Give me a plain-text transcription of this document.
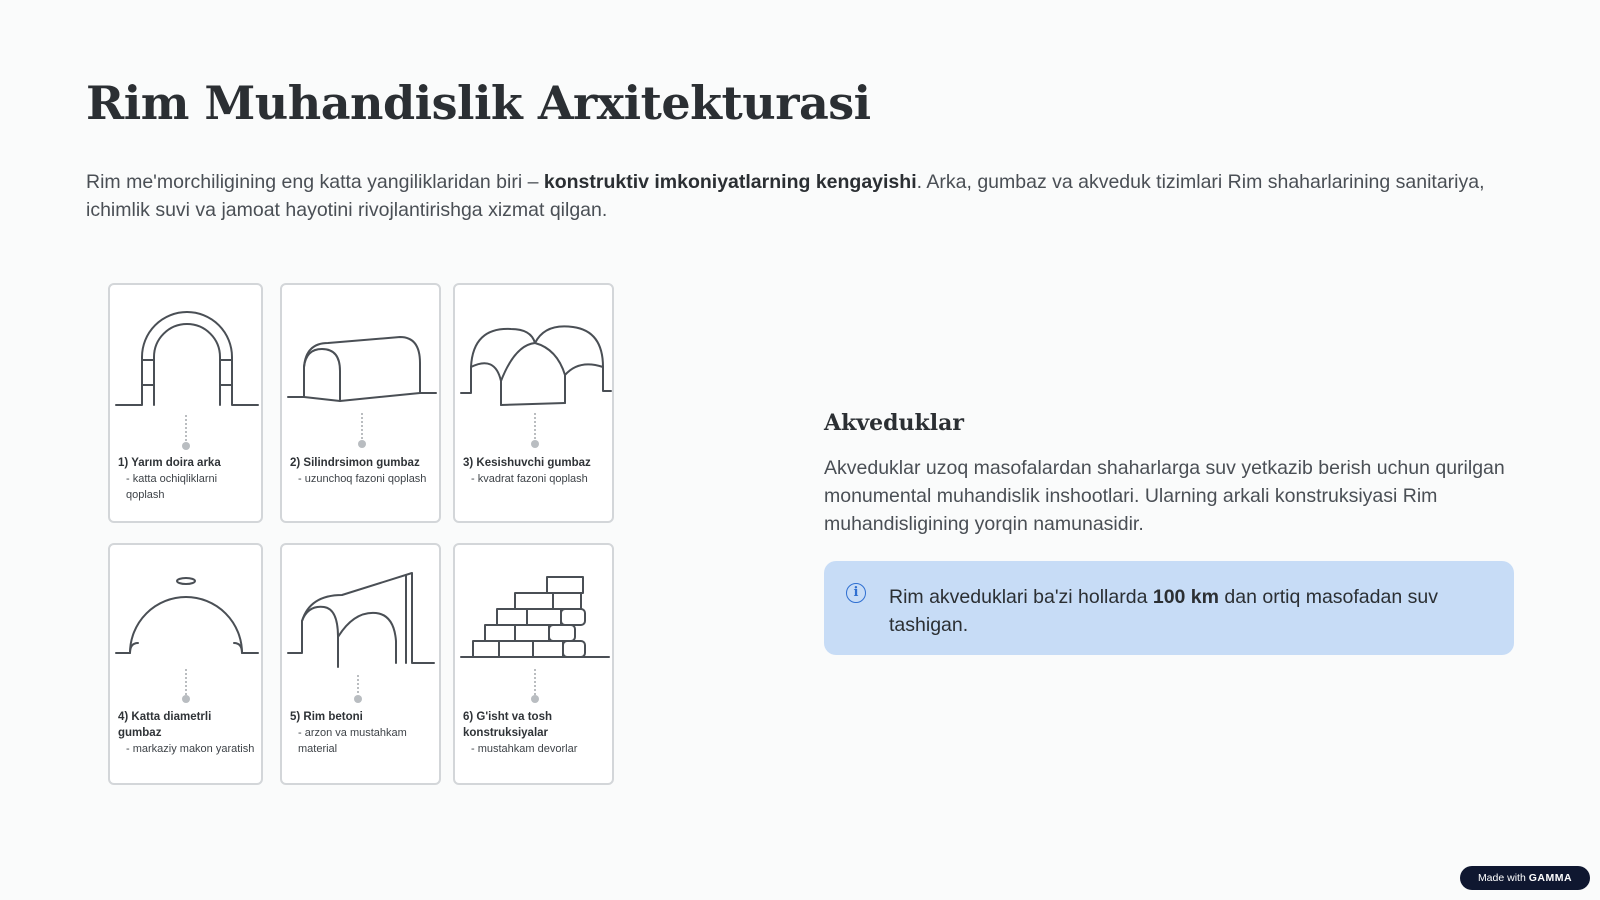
Rim Muhandislik Arxitekturasi

Rim me'morchiligining eng katta yangiliklaridan biri – konstruktiv imkoniyatlarning kengayishi. Arka, gumbaz va akveduk tizimlari Rim shaharlarining sanitariya, ichimlik suvi va jamoat hayotini rivojlantirishga xizmat qilgan.

1) Yarım doira arka
- katta ochiqliklarni qoplash
2) Silindrsimon gumbaz
- uzunchoq fazoni qoplash
3) Kesishuvchi gumbaz
- kvadrat fazoni qoplash
4) Katta diametrli gumbaz
- markaziy makon yaratish
5) Rim betoni
- arzon va mustahkam material
6) G'isht va tosh konstruksiyalar
- mustahkam devorlar
Akveduklar

Akveduklar uzoq masofalardan shaharlarga suv yetkazib berish uchun qurilgan monumental muhandislik inshootlari. Ularning arkali konstruksiyasi Rim muhandisligining yorqin namunasidir.

i	Rim akveduklari ba'zi hollarda 100 km dan ortiq masofadan suv tashigan.
Made with GAMMA
